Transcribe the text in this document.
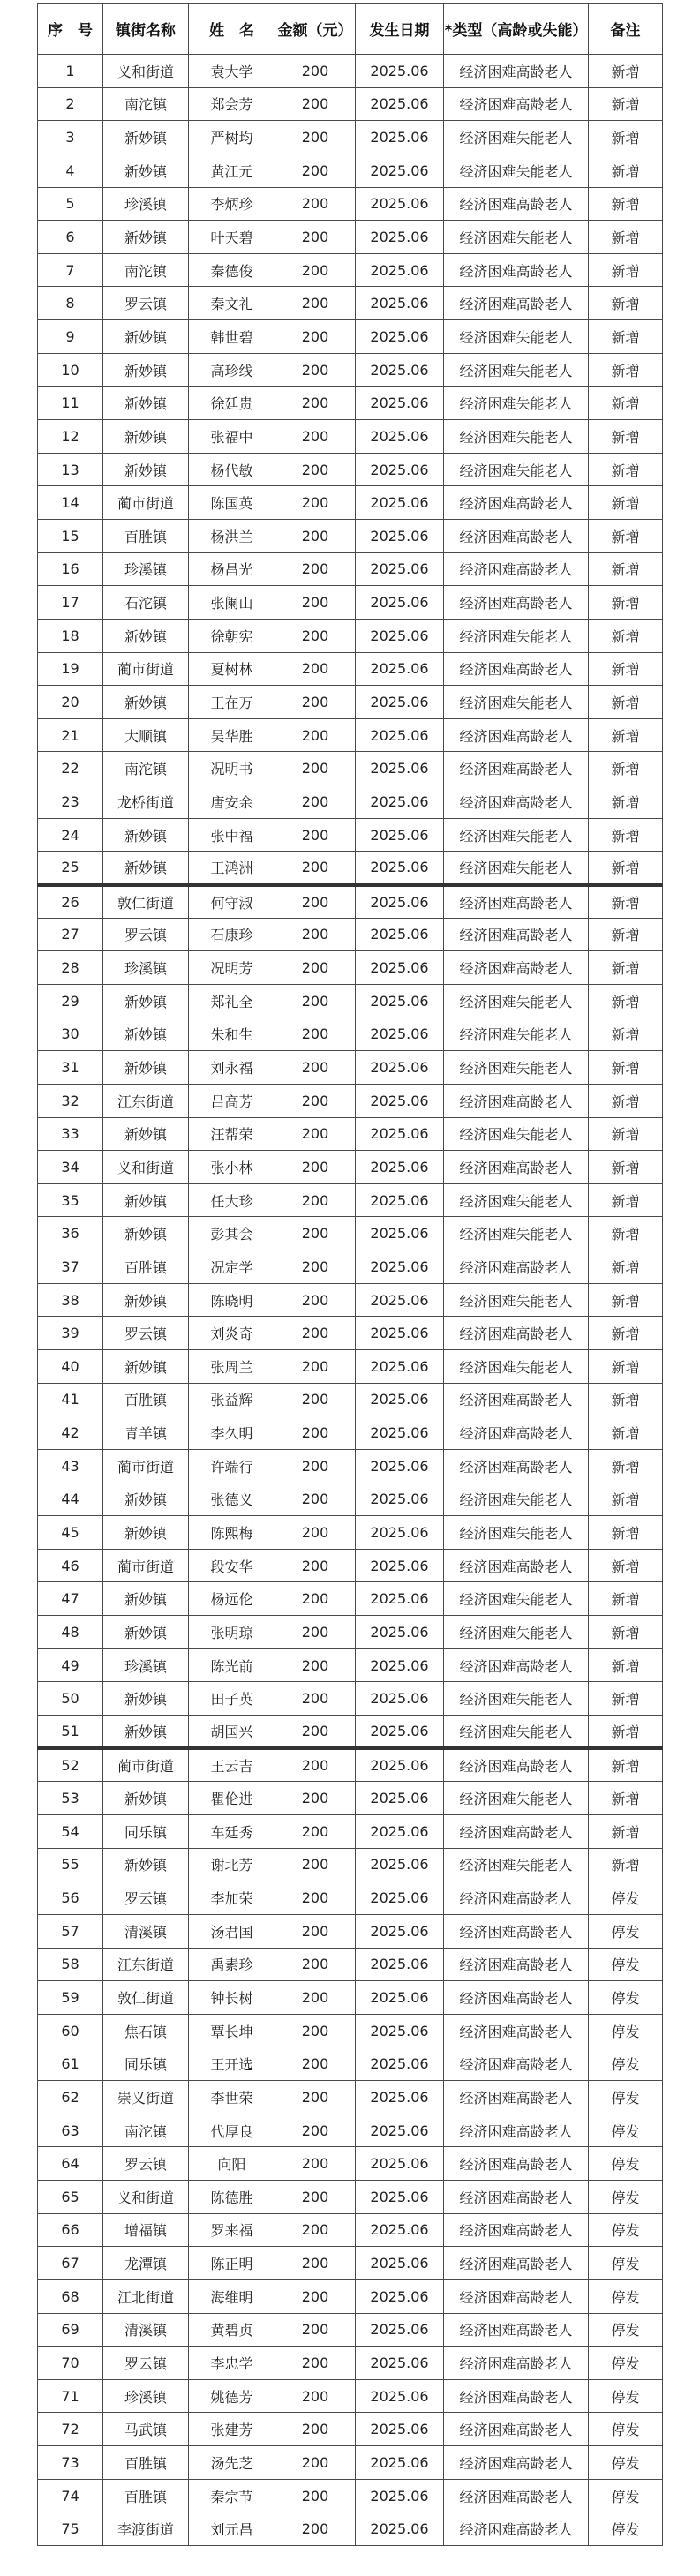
序　号	镇街名称	姓　名	金额（元）	发生日期	*类型（高龄或失能）	备注
1	义和街道	袁大学	200	2025.06	经济困难高龄老人	新增
2	南沱镇	郑会芳	200	2025.06	经济困难高龄老人	新增
3	新妙镇	严树均	200	2025.06	经济困难失能老人	新增
4	新妙镇	黄江元	200	2025.06	经济困难失能老人	新增
5	珍溪镇	李炳珍	200	2025.06	经济困难高龄老人	新增
6	新妙镇	叶天碧	200	2025.06	经济困难失能老人	新增
7	南沱镇	秦德俊	200	2025.06	经济困难高龄老人	新增
8	罗云镇	秦文礼	200	2025.06	经济困难高龄老人	新增
9	新妙镇	韩世碧	200	2025.06	经济困难失能老人	新增
10	新妙镇	高珍线	200	2025.06	经济困难失能老人	新增
11	新妙镇	徐廷贵	200	2025.06	经济困难失能老人	新增
12	新妙镇	张福中	200	2025.06	经济困难失能老人	新增
13	新妙镇	杨代敏	200	2025.06	经济困难失能老人	新增
14	蔺市街道	陈国英	200	2025.06	经济困难高龄老人	新增
15	百胜镇	杨洪兰	200	2025.06	经济困难高龄老人	新增
16	珍溪镇	杨昌光	200	2025.06	经济困难高龄老人	新增
17	石沱镇	张阑山	200	2025.06	经济困难高龄老人	新增
18	新妙镇	徐朝宪	200	2025.06	经济困难失能老人	新增
19	蔺市街道	夏树林	200	2025.06	经济困难高龄老人	新增
20	新妙镇	王在万	200	2025.06	经济困难失能老人	新增
21	大顺镇	吴华胜	200	2025.06	经济困难高龄老人	新增
22	南沱镇	况明书	200	2025.06	经济困难高龄老人	新增
23	龙桥街道	唐安余	200	2025.06	经济困难高龄老人	新增
24	新妙镇	张中福	200	2025.06	经济困难失能老人	新增
25	新妙镇	王鸿洲	200	2025.06	经济困难失能老人	新增
26	敦仁街道	何守淑	200	2025.06	经济困难高龄老人	新增
27	罗云镇	石康珍	200	2025.06	经济困难高龄老人	新增
28	珍溪镇	况明芳	200	2025.06	经济困难高龄老人	新增
29	新妙镇	郑礼全	200	2025.06	经济困难失能老人	新增
30	新妙镇	朱和生	200	2025.06	经济困难失能老人	新增
31	新妙镇	刘永福	200	2025.06	经济困难失能老人	新增
32	江东街道	吕高芳	200	2025.06	经济困难高龄老人	新增
33	新妙镇	汪帮荣	200	2025.06	经济困难失能老人	新增
34	义和街道	张小林	200	2025.06	经济困难高龄老人	新增
35	新妙镇	任大珍	200	2025.06	经济困难失能老人	新增
36	新妙镇	彭其会	200	2025.06	经济困难失能老人	新增
37	百胜镇	况定学	200	2025.06	经济困难高龄老人	新增
38	新妙镇	陈晓明	200	2025.06	经济困难失能老人	新增
39	罗云镇	刘炎奇	200	2025.06	经济困难高龄老人	新增
40	新妙镇	张周兰	200	2025.06	经济困难失能老人	新增
41	百胜镇	张益辉	200	2025.06	经济困难高龄老人	新增
42	青羊镇	李久明	200	2025.06	经济困难高龄老人	新增
43	蔺市街道	许端行	200	2025.06	经济困难高龄老人	新增
44	新妙镇	张德义	200	2025.06	经济困难失能老人	新增
45	新妙镇	陈熙梅	200	2025.06	经济困难失能老人	新增
46	蔺市街道	段安华	200	2025.06	经济困难高龄老人	新增
47	新妙镇	杨远伦	200	2025.06	经济困难失能老人	新增
48	新妙镇	张明琼	200	2025.06	经济困难失能老人	新增
49	珍溪镇	陈光前	200	2025.06	经济困难高龄老人	新增
50	新妙镇	田子英	200	2025.06	经济困难失能老人	新增
51	新妙镇	胡国兴	200	2025.06	经济困难失能老人	新增
52	蔺市街道	王云吉	200	2025.06	经济困难高龄老人	新增
53	新妙镇	瞿伦进	200	2025.06	经济困难失能老人	新增
54	同乐镇	车廷秀	200	2025.06	经济困难高龄老人	新增
55	新妙镇	谢北芳	200	2025.06	经济困难失能老人	新增
56	罗云镇	李加荣	200	2025.06	经济困难高龄老人	停发
57	清溪镇	汤君国	200	2025.06	经济困难高龄老人	停发
58	江东街道	禹素珍	200	2025.06	经济困难高龄老人	停发
59	敦仁街道	钟长树	200	2025.06	经济困难高龄老人	停发
60	焦石镇	覃长坤	200	2025.06	经济困难高龄老人	停发
61	同乐镇	王开选	200	2025.06	经济困难高龄老人	停发
62	崇义街道	李世荣	200	2025.06	经济困难高龄老人	停发
63	南沱镇	代厚良	200	2025.06	经济困难高龄老人	停发
64	罗云镇	向阳	200	2025.06	经济困难高龄老人	停发
65	义和街道	陈德胜	200	2025.06	经济困难高龄老人	停发
66	增福镇	罗来福	200	2025.06	经济困难高龄老人	停发
67	龙潭镇	陈正明	200	2025.06	经济困难高龄老人	停发
68	江北街道	海维明	200	2025.06	经济困难高龄老人	停发
69	清溪镇	黄碧贞	200	2025.06	经济困难高龄老人	停发
70	罗云镇	李忠学	200	2025.06	经济困难高龄老人	停发
71	珍溪镇	姚德芳	200	2025.06	经济困难高龄老人	停发
72	马武镇	张建芳	200	2025.06	经济困难高龄老人	停发
73	百胜镇	汤先芝	200	2025.06	经济困难高龄老人	停发
74	百胜镇	秦宗节	200	2025.06	经济困难高龄老人	停发
75	李渡街道	刘元昌	200	2025.06	经济困难高龄老人	停发
